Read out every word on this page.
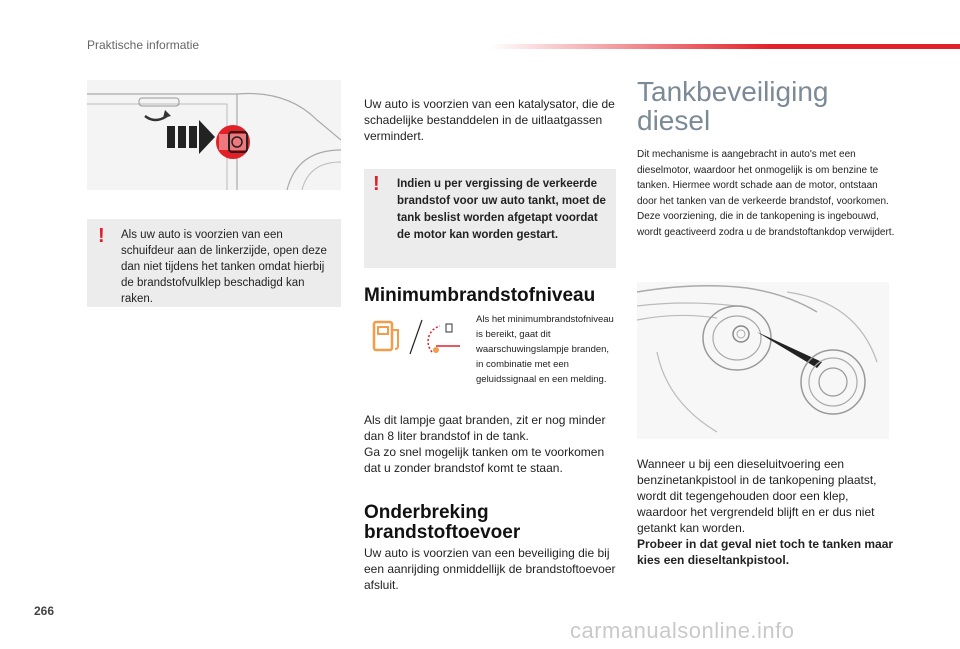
Praktische informatie
! Als uw auto is voorzien van een schuifdeur aan de linkerzijde, open deze dan niet tijdens het tanken omdat hierbij de brandstofvulklep beschadigd kan raken.
Uw auto is voorzien van een katalysator, die de schadelijke bestanddelen in de uitlaatgassen vermindert.
! Indien u per vergissing de verkeerde brandstof voor uw auto tankt, moet de tank beslist worden afgetapt voordat de motor kan worden gestart.
Minimumbrandstofniveau
Als het minimumbrandstofniveau is bereikt, gaat dit waarschuwingslampje branden, in combinatie met een geluidssignaal en een melding.
Als dit lampje gaat branden, zit er nog minder dan 8 liter brandstof in de tank.
Ga zo snel mogelijk tanken om te voorkomen dat u zonder brandstof komt te staan.
Onderbreking
brandstoftoevoer
Uw auto is voorzien van een beveiliging die bij een aanrijding onmiddellijk de brandstoftoevoer afsluit.
Tankbeveiliging
diesel
Dit mechanisme is aangebracht in auto's met een dieselmotor, waardoor het onmogelijk is om benzine te tanken. Hiermee wordt schade aan de motor, ontstaan door het tanken van de verkeerde brandstof, voorkomen. Deze voorziening, die in de tankopening is ingebouwd, wordt geactiveerd zodra u de brandstoftankdop verwijdert.
Wanneer u bij een dieseluitvoering een benzinetankpistool in de tankopening plaatst, wordt dit tegengehouden door een klep, waardoor het vergrendeld blijft en er dus niet getankt kan worden.
Probeer in dat geval niet toch te tanken maar kies een dieseltankpistool.
266
carmanualsonline.info
